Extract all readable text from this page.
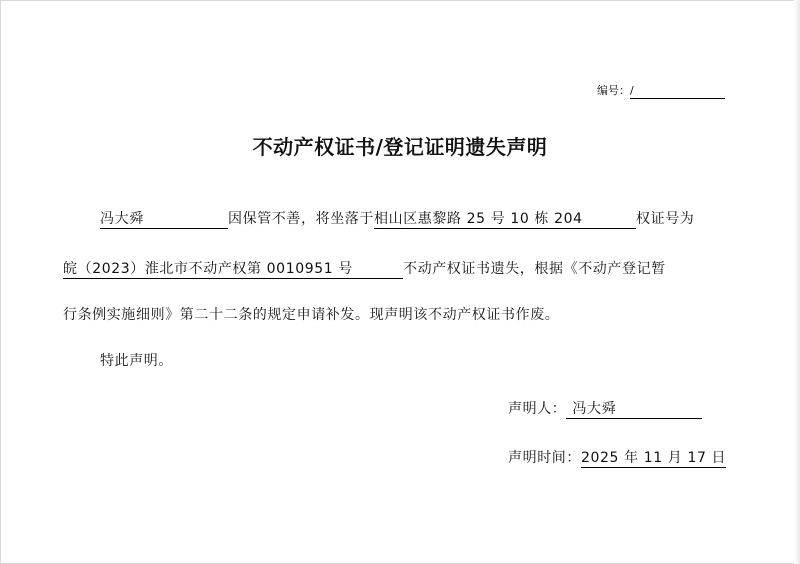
编号：/
不动产权证书/登记证明遗失声明
冯大舜	因保管不善，将坐落于相山区惠黎路 25 号 10 栋 204	权证号为
皖（2023）淮北市不动产权第 0010951 号	不动产权证书遗失，根据《不动产登记暂
行条例实施细则》第二十二条的规定申请补发。现声明该不动产权证书作废。
特此声明。
声明人： 冯大舜
声明时间：2025 年 11 月 17 日
